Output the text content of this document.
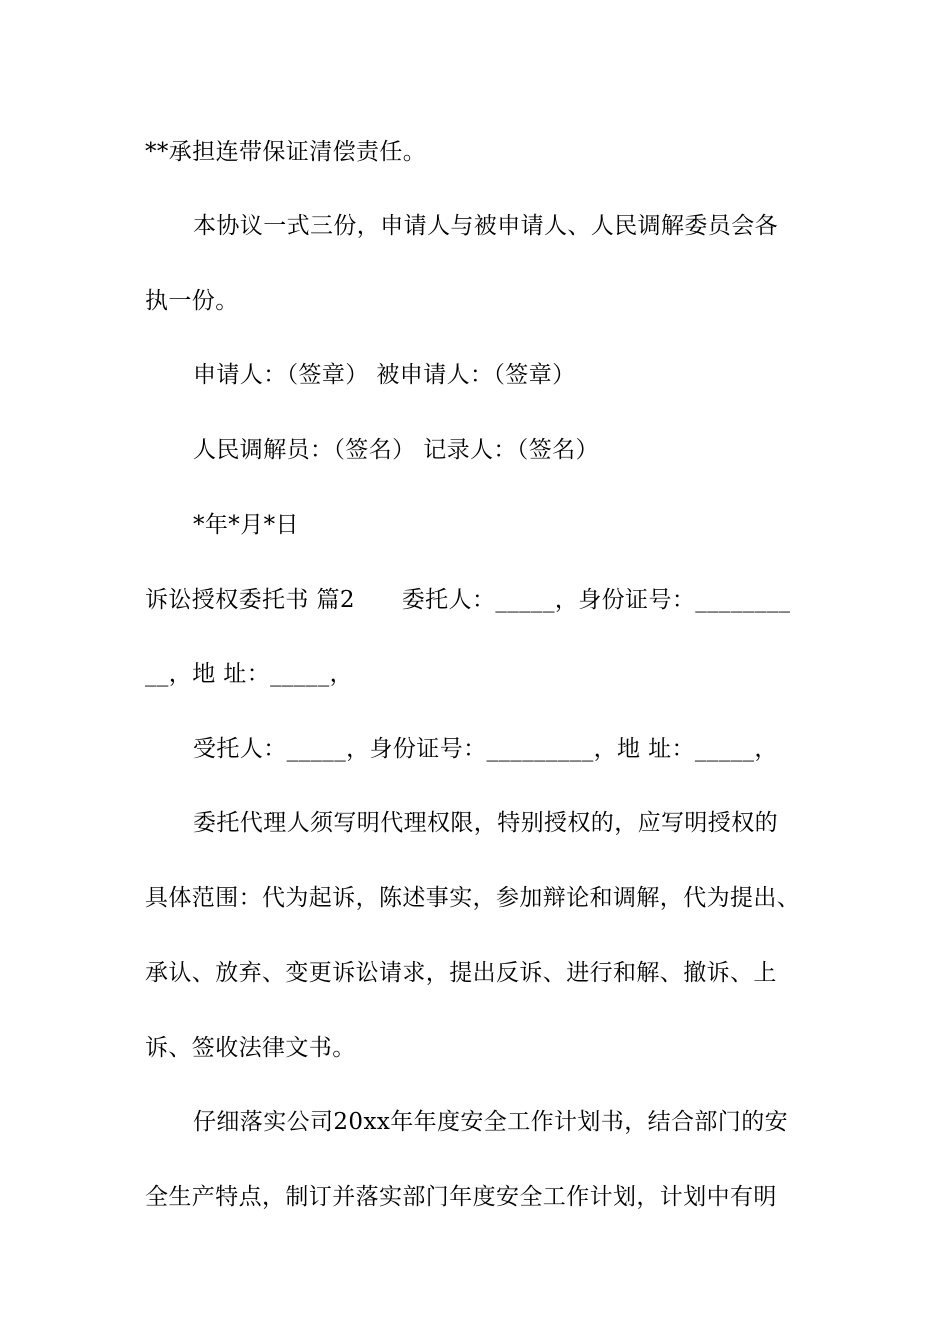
**承担连带保证清偿责任。
本协议一式三份，申请人与被申请人、人民调解委员会各
执一份。
申请人：（签章） 被申请人：（签章）
人民调解员：（签名） 记录人：（签名）
*年*月*日
诉讼授权委托书 篇2　　委托人：_____，身份证号：________
__，地 址：_____，
受托人：_____，身份证号：_________，地 址：_____，
委托代理人须写明代理权限，特别授权的，应写明授权的
具体范围：代为起诉，陈述事实，参加辩论和调解，代为提出、
承认、放弃、变更诉讼请求，提出反诉、进行和解、撤诉、上
诉、签收法律文书。
仔细落实公司20xx年年度安全工作计划书，结合部门的安
全生产特点，制订并落实部门年度安全工作计划，计划中有明
